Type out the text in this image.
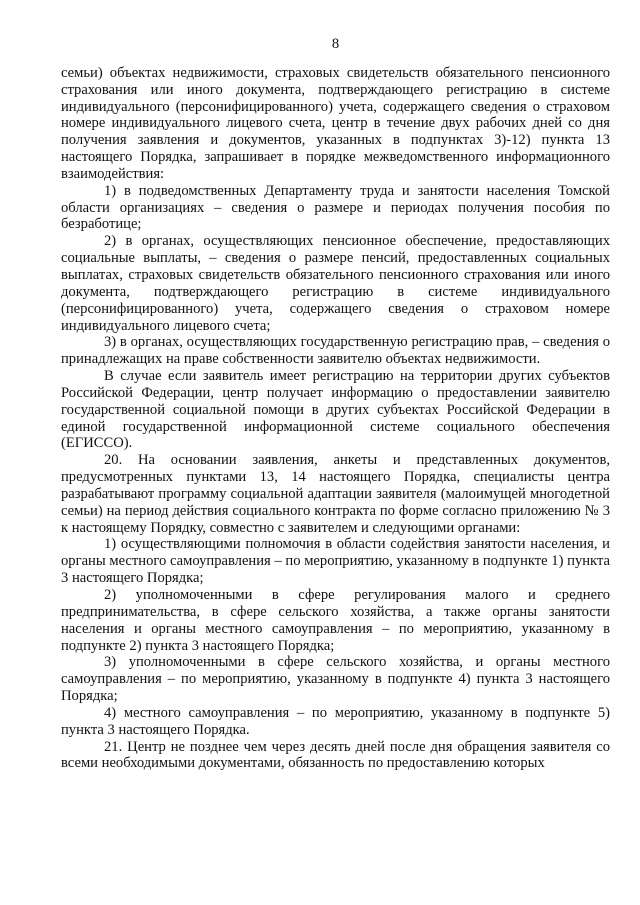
8

семьи) объектах недвижимости, страховых свидетельств обязательного пенсионного страхования или иного документа, подтверждающего регистрацию в системе индивидуального (персонифицированного) учета, содержащего сведения о страховом номере индивидуального лицевого счета, центр в течение двух рабочих дней со дня получения заявления и документов, указанных в подпунктах 3)-12) пункта 13 настоящего Порядка, запрашивает в порядке межведомственного информационного взаимодействия:

1) в подведомственных Департаменту труда и занятости населения Томской области организациях – сведения о размере и периодах получения пособия по безработице;

2) в органах, осуществляющих пенсионное обеспечение, предоставляющих социальные выплаты, – сведения о размере пенсий, предоставленных социальных выплатах, страховых свидетельств обязательного пенсионного страхования или иного документа, подтверждающего регистрацию в системе индивидуального (персонифицированного) учета, содержащего сведения о страховом номере индивидуального лицевого счета;

3) в органах, осуществляющих государственную регистрацию прав, – сведения о принадлежащих на праве собственности заявителю объектах недвижимости.

В случае если заявитель имеет регистрацию на территории других субъектов Российской Федерации, центр получает информацию о предоставлении заявителю государственной социальной помощи в других субъектах Российской Федерации в единой государственной информационной системе социального обеспечения (ЕГИССО).

20. На основании заявления, анкеты и представленных документов, предусмотренных пунктами 13, 14 настоящего Порядка, специалисты центра разрабатывают программу социальной адаптации заявителя (малоимущей многодетной семьи) на период действия социального контракта по форме согласно приложению № 3 к настоящему Порядку, совместно с заявителем и следующими органами:

1) осуществляющими полномочия в области содействия занятости населения, и органы местного самоуправления – по мероприятию, указанному в подпункте 1) пункта 3 настоящего Порядка;

2) уполномоченными в сфере регулирования малого и среднего предпринимательства, в сфере сельского хозяйства, а также органы занятости населения и органы местного самоуправления – по мероприятию, указанному в подпункте 2) пункта 3 настоящего Порядка;

3) уполномоченными в сфере сельского хозяйства, и органы местного самоуправления – по мероприятию, указанному в подпункте 4) пункта 3 настоящего Порядка;

4) местного самоуправления – по мероприятию, указанному в подпункте 5) пункта 3 настоящего Порядка.

21. Центр не позднее чем через десять дней после дня обращения заявителя со всеми необходимыми документами, обязанность по предоставлению которых
